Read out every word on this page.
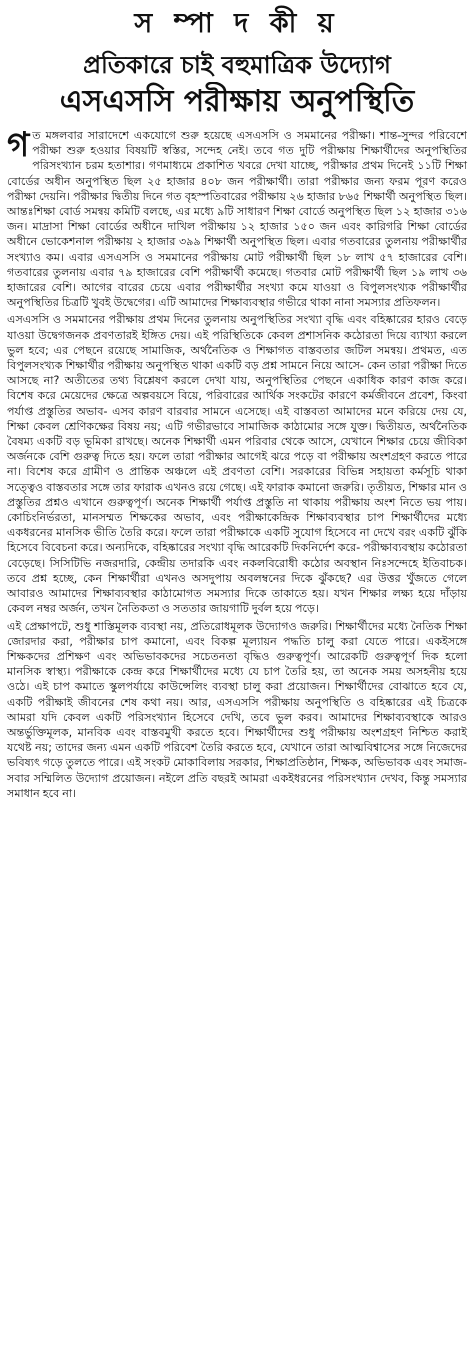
স ম্পা দ কী য়
প্রতিকারে চাই বহুমাত্রিক উদ্যোগ
এসএসসি পরীক্ষায় অনুপস্থিতি

গত মঙ্গলবার সারাদেশে একযোগে শুরু হয়েছে এসএসসি ও সমমানের পরীক্ষা। শান্ত-সুন্দর পরিবেশে পরীক্ষা শুরু হওয়ার বিষয়টি স্বস্তির, সন্দেহ নেই। তবে গত দুটি পরীক্ষায় শিক্ষার্থীদের অনুপস্থিতির পরিসংখ্যান চরম হতাশার। গণমাধ্যমে প্রকাশিত খবরে দেখা যাচ্ছে, পরীক্ষার প্রথম দিনেই ১১টি শিক্ষা বোর্ডের অধীন অনুপস্থিত ছিল ২৫ হাজার ৪০৮ জন পরীক্ষার্থী। তারা পরীক্ষার জন্য ফরম পূরণ করেও পরীক্ষা দেয়নি। পরীক্ষার দ্বিতীয় দিনে গত বৃহস্পতিবারের পরীক্ষায় ২৬ হাজার ৮৬৫ শিক্ষার্থী অনুপস্থিত ছিল। আন্তঃশিক্ষা বোর্ড সমন্বয় কমিটি বলছে, এর মধ্যে ৯টি সাধারণ শিক্ষা বোর্ডে অনুপস্থিত ছিল ১২ হাজার ৩১৬ জন। মাদ্রাসা শিক্ষা বোর্ডের অধীনে দাখিল পরীক্ষায় ১২ হাজার ১৫০ জন এবং কারিগরি শিক্ষা বোর্ডের অধীনে ভোকেশনাল পরীক্ষায় ২ হাজার ৩৯৯ শিক্ষার্থী অনুপস্থিত ছিল। এবার গতবারের তুলনায় পরীক্ষার্থীর সংখ্যাও কম। এবার এসএসসি ও সমমানের পরীক্ষায় মোট পরীক্ষার্থী ছিল ১৮ লাখ ৫৭ হাজারের বেশি। গতবারের তুলনায় এবার ৭৯ হাজারের বেশি পরীক্ষার্থী কমেছে। গতবার মোট পরীক্ষার্থী ছিল ১৯ লাখ ৩৬ হাজারের বেশি। আগের বারের চেয়ে এবার পরীক্ষার্থীর সংখ্যা কমে যাওয়া ও বিপুলসংখ্যক পরীক্ষার্থীর অনুপস্থিতির চিত্রটি খুবই উদ্বেগের। এটি আমাদের শিক্ষাব্যবস্থার গভীরে থাকা নানা সমস্যার প্রতিফলন।

এসএসসি ও সমমানের পরীক্ষায় প্রথম দিনের তুলনায় অনুপস্থিতির সংখ্যা বৃদ্ধি এবং বহিষ্কারের হারও বেড়ে যাওয়া উদ্বেগজনক প্রবণতারই ইঙ্গিত দেয়। এই পরিস্থিতিকে কেবল প্রশাসনিক কঠোরতা দিয়ে ব্যাখ্যা করলে ভুল হবে; এর পেছনে রয়েছে সামাজিক, অর্থনৈতিক ও শিক্ষাগত বাস্তবতার জটিল সমন্বয়। প্রথমত, এত বিপুলসংখ্যক শিক্ষার্থীর পরীক্ষায় অনুপস্থিত থাকা একটি বড় প্রশ্ন সামনে নিয়ে আসে- কেন তারা পরীক্ষা দিতে আসছে না? অতীতের তথ্য বিশ্লেষণ করলে দেখা যায়, অনুপস্থিতির পেছনে একাধিক কারণ কাজ করে। বিশেষ করে মেয়েদের ক্ষেত্রে অল্পবয়সে বিয়ে, পরিবারের আর্থিক সংকটের কারণে কর্মজীবনে প্রবেশ, কিংবা পর্যাপ্ত প্রস্তুতির অভাব- এসব কারণ বারবার সামনে এসেছে। এই বাস্তবতা আমাদের মনে করিয়ে দেয় যে, শিক্ষা কেবল শ্রেণিকক্ষের বিষয় নয়; এটি গভীরভাবে সামাজিক কাঠামোর সঙ্গে যুক্ত। দ্বিতীয়ত, অর্থনৈতিক বৈষম্য একটি বড় ভূমিকা রাখছে। অনেক শিক্ষার্থী এমন পরিবার থেকে আসে, যেখানে শিক্ষার চেয়ে জীবিকা অর্জনকে বেশি গুরুত্ব দিতে হয়। ফলে তারা পরীক্ষার আগেই ঝরে পড়ে বা পরীক্ষায় অংশগ্রহণ করতে পারে না। বিশেষ করে গ্রামীণ ও প্রান্তিক অঞ্চলে এই প্রবণতা বেশি। সরকারের বিভিন্ন সহায়তা কর্মসূচি থাকা সত্ত্বেও বাস্তবতার সঙ্গে তার ফারাক এখনও রয়ে গেছে। এই ফারাক কমানো জরুরি। তৃতীয়ত, শিক্ষার মান ও প্রস্তুতির প্রশ্নও এখানে গুরুত্বপূর্ণ। অনেক শিক্ষার্থী পর্যাপ্ত প্রস্তুতি না থাকায় পরীক্ষায় অংশ নিতে ভয় পায়। কোচিংনির্ভরতা, মানসম্মত শিক্ষকের অভাব, এবং পরীক্ষাকেন্দ্রিক শিক্ষাব্যবস্থার চাপ শিক্ষার্থীদের মধ্যে একধরনের মানসিক ভীতি তৈরি করে। ফলে তারা পরীক্ষাকে একটি সুযোগ হিসেবে না দেখে বরং একটি ঝুঁকি হিসেবে বিবেচনা করে। অন্যদিকে, বহিষ্কারের সংখ্যা বৃদ্ধি আরেকটি দিকনির্দেশ করে- পরীক্ষাব্যবস্থায় কঠোরতা বেড়েছে। সিসিটিভি নজরদারি, কেন্দ্রীয় তদারকি এবং নকলবিরোধী কঠোর অবস্থান নিঃসন্দেহে ইতিবাচক। তবে প্রশ্ন হচ্ছে, কেন শিক্ষার্থীরা এখনও অসদুপায় অবলম্বনের দিকে ঝুঁকছে? এর উত্তর খুঁজতে গেলে আবারও আমাদের শিক্ষাব্যবস্থার কাঠামোগত সমস্যার দিকে তাকাতে হয়। যখন শিক্ষার লক্ষ্য হয়ে দাঁড়ায় কেবল নম্বর অর্জন, তখন নৈতিকতা ও সততার জায়গাটি দুর্বল হয়ে পড়ে।

এই প্রেক্ষাপটে, শুধু শাস্তিমূলক ব্যবস্থা নয়, প্রতিরোধমূলক উদ্যোগও জরুরি। শিক্ষার্থীদের মধ্যে নৈতিক শিক্ষা জোরদার করা, পরীক্ষার চাপ কমানো, এবং বিকল্প মূল্যায়ন পদ্ধতি চালু করা যেতে পারে। একইসঙ্গে শিক্ষকদের প্রশিক্ষণ এবং অভিভাবকদের সচেতনতা বৃদ্ধিও গুরুত্বপূর্ণ। আরেকটি গুরুত্বপূর্ণ দিক হলো মানসিক স্বাস্থ্য। পরীক্ষাকে কেন্দ্র করে শিক্ষার্থীদের মধ্যে যে চাপ তৈরি হয়, তা অনেক সময় অসহনীয় হয়ে ওঠে। এই চাপ কমাতে স্কুলপর্যায়ে কাউন্সেলিং ব্যবস্থা চালু করা প্রয়োজন। শিক্ষার্থীদের বোঝাতে হবে যে, একটি পরীক্ষাই জীবনের শেষ কথা নয়। আর, এসএসসি পরীক্ষায় অনুপস্থিতি ও বহিষ্কারের এই চিত্রকে আমরা যদি কেবল একটি পরিসংখ্যান হিসেবে দেখি, তবে ভুল করব। আমাদের শিক্ষাব্যবস্থাকে আরও অন্তর্ভুক্তিমূলক, মানবিক এবং বাস্তবমুখী করতে হবে। শিক্ষার্থীদের শুধু পরীক্ষায় অংশগ্রহণ নিশ্চিত করাই যথেষ্ট নয়; তাদের জন্য এমন একটি পরিবেশ তৈরি করতে হবে, যেখানে তারা আত্মবিশ্বাসের সঙ্গে নিজেদের ভবিষ্যৎ গড়ে তুলতে পারে। এই সংকট মোকাবিলায় সরকার, শিক্ষাপ্রতিষ্ঠান, শিক্ষক, অভিভাবক এবং সমাজ-সবার সম্মিলিত উদ্যোগ প্রয়োজন। নইলে প্রতি বছরই আমরা একইধরনের পরিসংখ্যান দেখব, কিন্তু সমস্যার সমাধান হবে না।
